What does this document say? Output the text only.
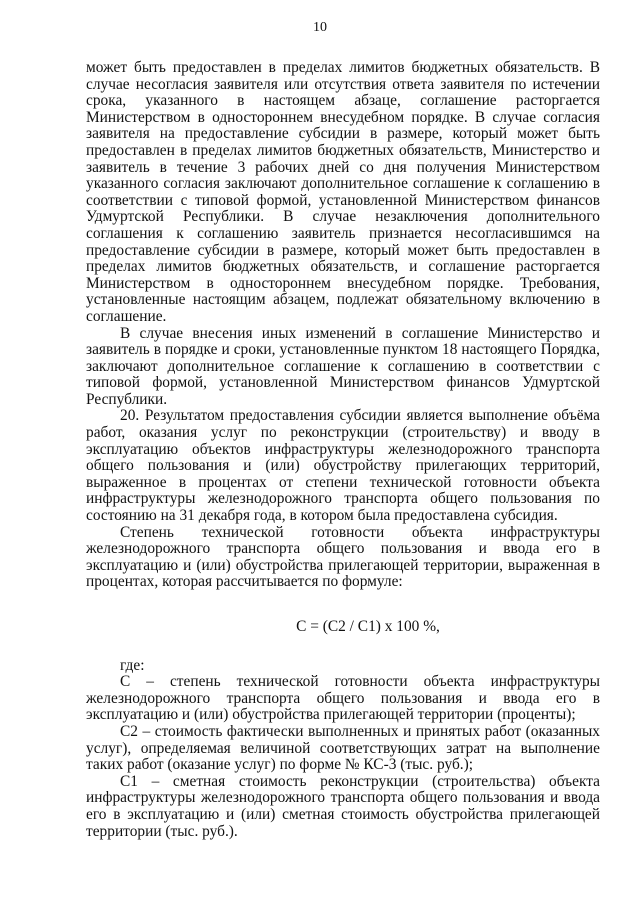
10

может быть предоставлен в пределах лимитов бюджетных обязательств. В случае несогласия заявителя или отсутствия ответа заявителя по истечении срока, указанного в настоящем абзаце, соглашение расторгается Министерством в одностороннем внесудебном порядке. В случае согласия заявителя на предоставление субсидии в размере, который может быть предоставлен в пределах лимитов бюджетных обязательств, Министерство и заявитель в течение 3 рабочих дней со дня получения Министерством указанного согласия заключают дополнительное соглашение к соглашению в соответствии с типовой формой, установленной Министерством финансов Удмуртской Республики. В случае незаключения дополнительного соглашения к соглашению заявитель признается несогласившимся на предоставление субсидии в размере, который может быть предоставлен в пределах лимитов бюджетных обязательств, и соглашение расторгается Министерством в одностороннем внесудебном порядке. Требования, установленные настоящим абзацем, подлежат обязательному включению в соглашение.

В случае внесения иных изменений в соглашение Министерство и заявитель в порядке и сроки, установленные пунктом 18 настоящего Порядка, заключают дополнительное соглашение к соглашению в соответствии с типовой формой, установленной Министерством финансов Удмуртской Республики.

20. Результатом предоставления субсидии является выполнение объёма работ, оказания услуг по реконструкции (строительству) и вводу в эксплуатацию объектов инфраструктуры железнодорожного транспорта общего пользования и (или) обустройству прилегающих территорий, выраженное в процентах от степени технической готовности объекта инфраструктуры железнодорожного транспорта общего пользования по состоянию на 31 декабря года, в котором была предоставлена субсидия.

Степень технической готовности объекта инфраструктуры железнодорожного транспорта общего пользования и ввода его в эксплуатацию и (или) обустройства прилегающей территории, выраженная в процентах, которая рассчитывается по формуле:

C = (C2 / C1) x 100 %,

где:

C – степень технической готовности объекта инфраструктуры железнодорожного транспорта общего пользования и ввода его в эксплуатацию и (или) обустройства прилегающей территории (проценты);

C2 – стоимость фактически выполненных и принятых работ (оказанных услуг), определяемая величиной соответствующих затрат на выполнение таких работ (оказание услуг) по форме № КС-3 (тыс. руб.);

C1 – сметная стоимость реконструкции (строительства) объекта инфраструктуры железнодорожного транспорта общего пользования и ввода его в эксплуатацию и (или) сметная стоимость обустройства прилегающей территории (тыс. руб.).
